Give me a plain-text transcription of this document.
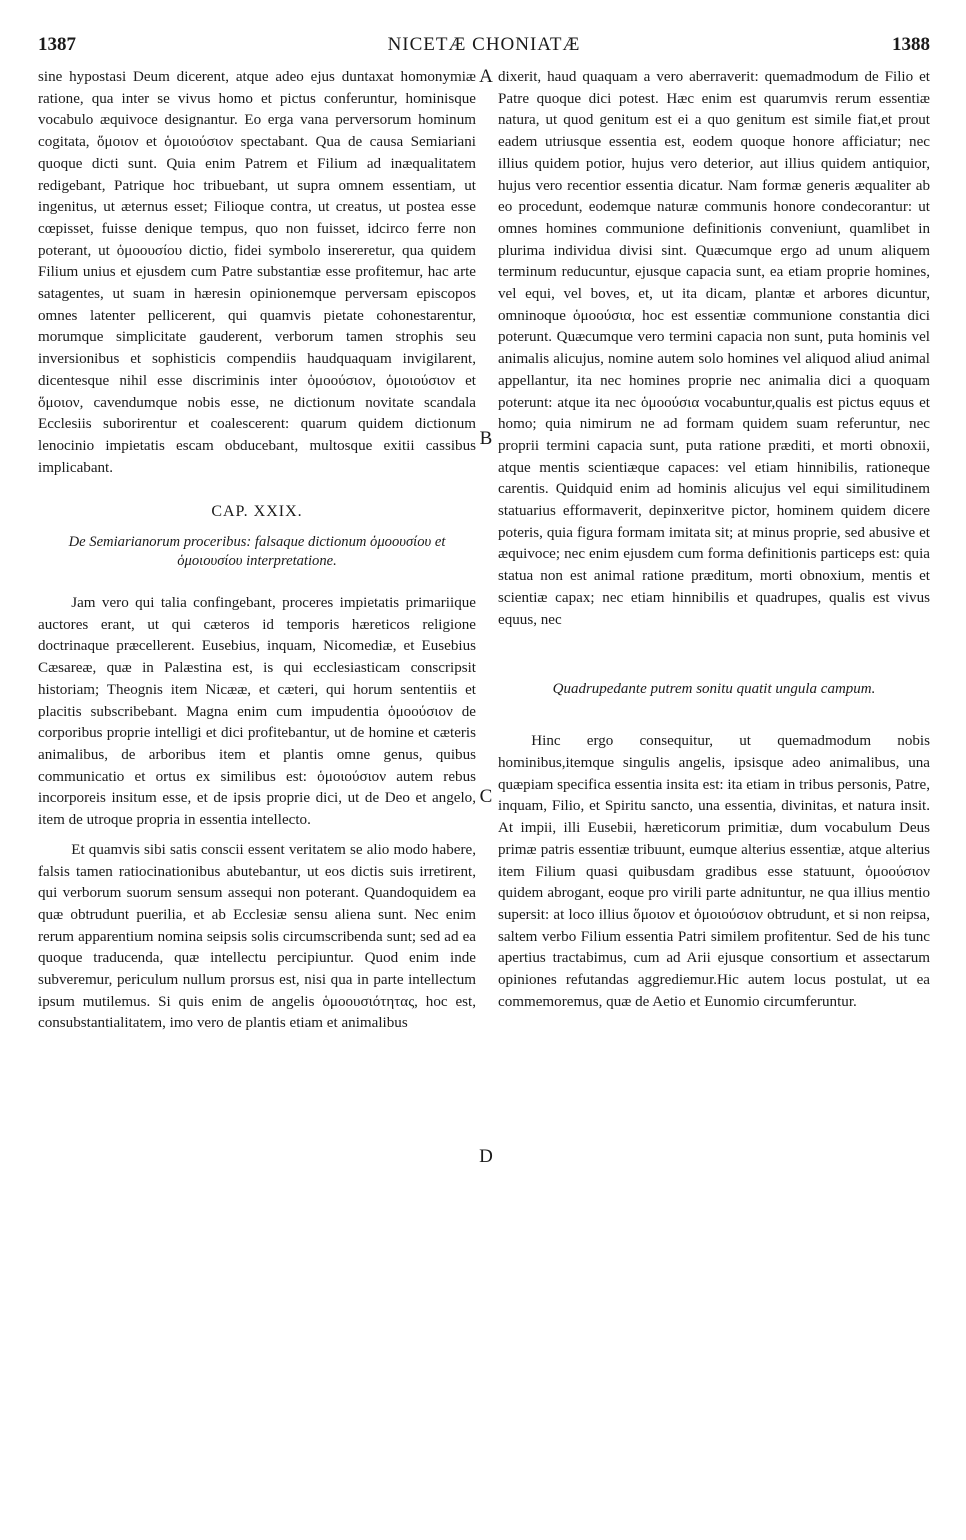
NICETÆ CHONIATÆ
1387	1388
A
B
C
D

sine hypostasi Deum dicerent, atque adeo ejus duntaxat homonymiæ ratione, qua inter se vivus homo et pictus conferuntur, hominisque vocabulo æquivoce designantur. Eo erga vana perversorum hominum cogitata, ὅμοιον et ὁμοιούσιον spectabant. Qua de causa Semiariani quoque dicti sunt. Quia enim Patrem et Filium ad inæqualitatem redigebant, Patrique hoc tribuebant, ut supra omnem essentiam, ut ingenitus, ut æternus esset; Filioque contra, ut creatus, ut postea esse cœpisset, fuisse denique tempus, quo non fuisset, idcirco ferre non poterant, ut ὁμοουσίου dictio, fidei symbolo insereretur, qua quidem Filium unius et ejusdem cum Patre substantiæ esse profitemur, hac arte satagentes, ut suam in hæresin opinionemque perversam episcopos omnes latenter pellicerent, qui quamvis pietate cohonestarentur, morumque simplicitate gauderent, verborum tamen strophis seu inversionibus et sophisticis compendiis haudquaquam invigilarent, dicentesque nihil esse discriminis inter ὁμοούσιον, ὁμοιούσιον et ὅμοιον, cavendumque nobis esse, ne dictionum novitate scandala Ecclesiis suborirentur et coalescerent: quarum quidem dictionum lenocinio impietatis escam obducebant, multosque exitii cassibus implicabant.

CAP. XXIX.
De Semiarianorum proceribus: falsaque dictionum ὁμοουσίου et ὁμοιουσίου interpretatione.

Jam vero qui talia confingebant, proceres impietatis primariique auctores erant, ut qui cæteros id temporis hæreticos religione doctrinaque præcellerent. Eusebius, inquam, Nicomediæ, et Eusebius Cæsareæ, quæ in Palæstina est, is qui ecclesiasticam conscripsit historiam; Theognis item Nicææ, et cæteri, qui horum sententiis et placitis subscribebant. Magna enim cum impudentia ὁμοούσιον de corporibus proprie intelligi et dici profitebantur, ut de homine et cæteris animalibus, de arboribus item et plantis omne genus, quibus communicatio et ortus ex similibus est: ὁμοιούσιον autem rebus incorporeis insitum esse, et de ipsis proprie dici, ut de Deo et angelo, item de utroque propria in essentia intellecto.

Et quamvis sibi satis conscii essent veritatem se alio modo habere, falsis tamen ratiocinationibus abutebantur, ut eos dictis suis irretirent, qui verborum suorum sensum assequi non poterant. Quandoquidem ea quæ obtrudunt puerilia, et ab Ecclesiæ sensu aliena sunt. Nec enim rerum apparentium nomina seipsis solis circumscribenda sunt; sed ad ea quoque traducenda, quæ intellectu percipiuntur. Quod enim inde subveremur, periculum nullum prorsus est, nisi qua in parte intellectum ipsum mutilemus. Si quis enim de angelis ὁμοουσιότητας, hoc est, consubstantialitatem, imo vero de plantis etiam et animalibus

dixerit, haud quaquam a vero aberraverit: quemadmodum de Filio et Patre quoque dici potest. Hæc enim est quarumvis rerum essentiæ natura, ut quod genitum est ei a quo genitum est simile fiat,et prout eadem utriusque essentia est, eodem quoque honore afficiatur; nec illius quidem potior, hujus vero deterior, aut illius quidem antiquior, hujus vero recentior essentia dicatur. Nam formæ generis æqualiter ab eo procedunt, eodemque naturæ communis honore condecorantur: ut omnes homines communione definitionis conveniunt, quamlibet in plurima individua divisi sint. Quæcumque ergo ad unum aliquem terminum reducuntur, ejusque capacia sunt, ea etiam proprie homines, vel equi, vel boves, et, ut ita dicam, plantæ et arbores dicuntur, omninoque ὁμοούσια, hoc est essentiæ communione constantia dici poterunt. Quæcumque vero termini capacia non sunt, puta hominis vel animalis alicujus, nomine autem solo homines vel aliquod aliud animal appellantur, ita nec homines proprie nec animalia dici a quoquam poterunt: atque ita nec ὁμοούσια vocabuntur,qualis est pictus equus et homo; quia nimirum ne ad formam quidem suam referuntur, nec proprii termini capacia sunt, puta ratione præditi, et morti obnoxii, atque mentis scientiæque capaces: vel etiam hinnibilis, rationeque carentis. Quidquid enim ad hominis alicujus vel equi similitudinem statuarius efformaverit, depinxeritve pictor, hominem quidem dicere poteris, quia figura formam imitata sit; at minus proprie, sed abusive et æquivoce; nec enim ejusdem cum forma definitionis particeps est: quia statua non est animal ratione præditum, morti obnoxium, mentis et scientiæ capax; nec etiam hinnibilis et quadrupes, qualis est vivus equus, nec

Quadrupedante putrem sonitu quatit ungula campum.

Hinc ergo consequitur, ut quemadmodum nobis hominibus,itemque singulis angelis, ipsisque adeo animalibus, una quæpiam specifica essentia insita est: ita etiam in tribus personis, Patre, inquam, Filio, et Spiritu sancto, una essentia, divinitas, et natura insit. At impii, illi Eusebii, hæreticorum primitiæ, dum vocabulum Deus primæ patris essentiæ tribuunt, eumque alterius essentiæ, atque alterius item Filium quasi quibusdam gradibus esse statuunt, ὁμοούσιον quidem abrogant, eoque pro virili parte adnituntur, ne qua illius mentio supersit: at loco illius ὅμοιον et ὁμοιούσιον obtrudunt, et si non reipsa, saltem verbo Filium essentia Patri similem profitentur. Sed de his tunc apertius tractabimus, cum ad Arii ejusque consortium et assectarum opiniones refutandas aggrediemur.Hic autem locus postulat, ut ea commemoremus, quæ de Aetio et Eunomio circumferuntur.
